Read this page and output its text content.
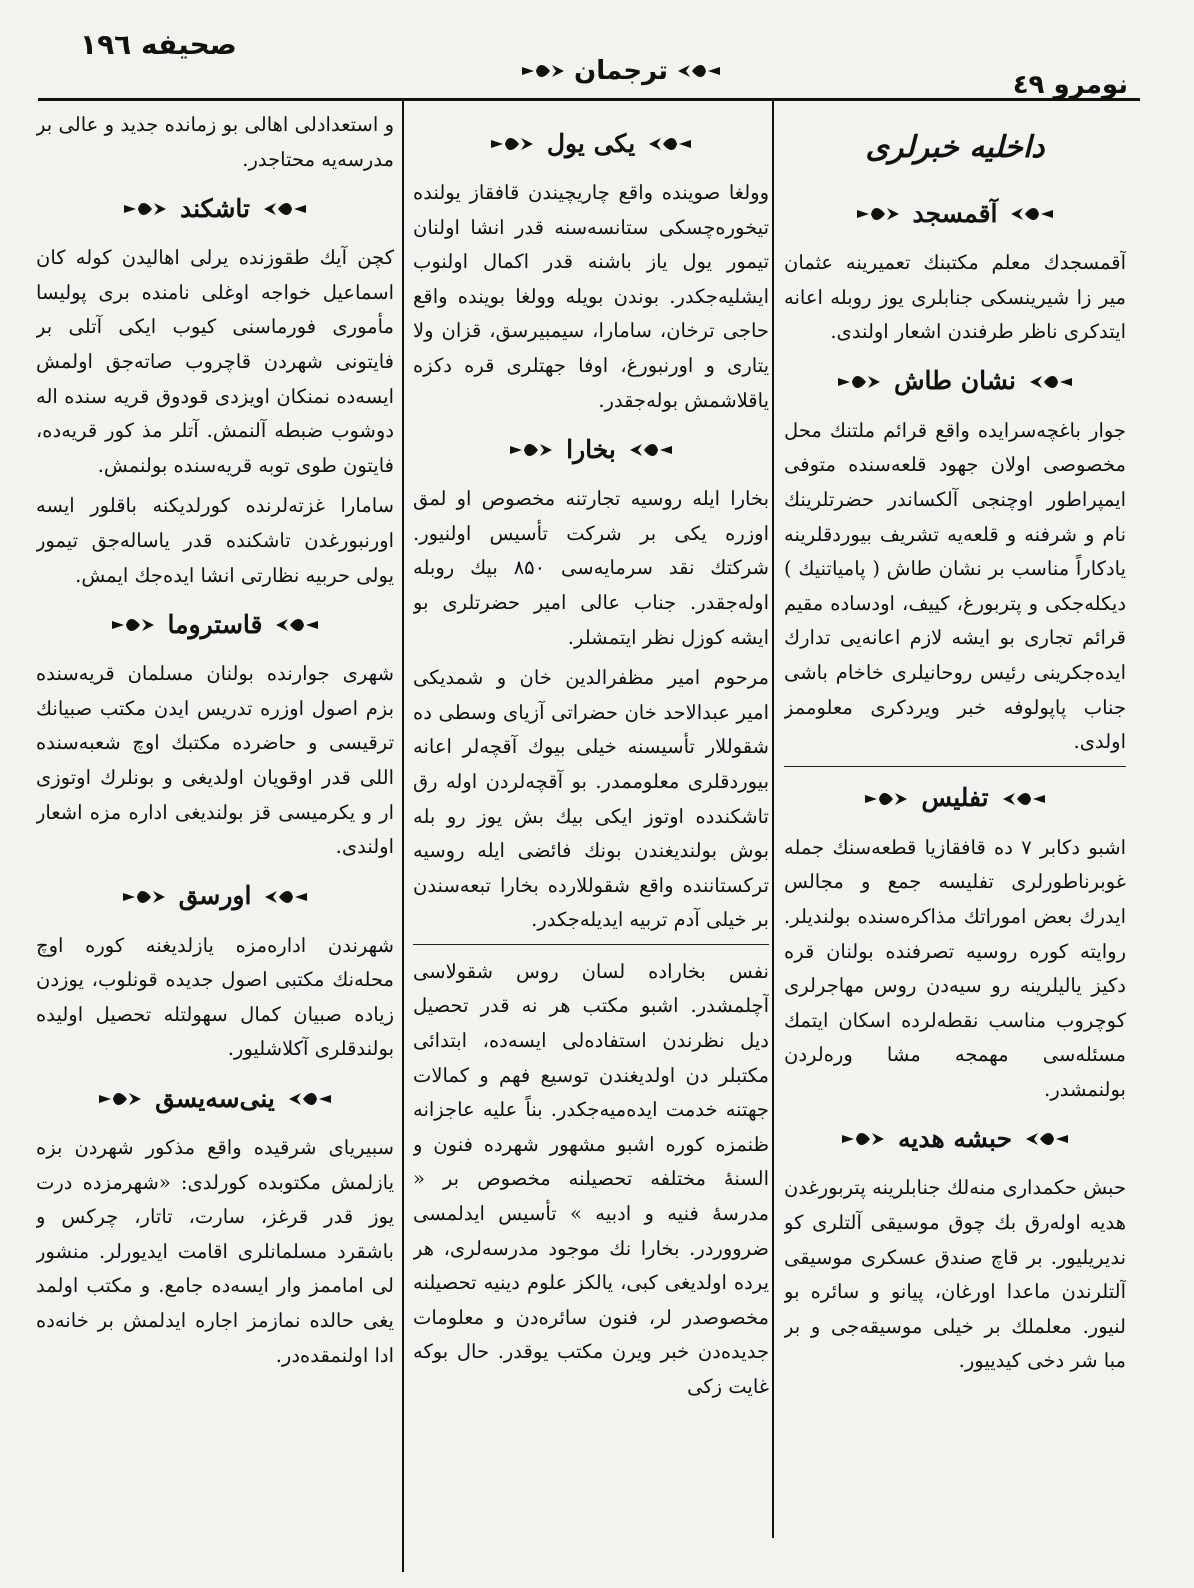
صحیفه ۱۹٦
ترجمان	نومرو ٤۹
داخلیه خبرلری
آقمسجد

آقمسجدك معلم مكتبنك تعمیرینه عثمان میر زا شیرینسكی جنابلری یوز روبله اعانه ایتدكری ناظر طرفندن اشعار اولندی.

نشان طاش

جوار باغچه‌سرایده واقع قرائم ملتنك محل مخصوصی اولان جهود قلعه‌سنده متوفی ایمپراطور اوچنجی آلكساندر حضرتلرینك نام و شرفنه و قلعه‌یه تشریف بیوردقلرینه یادكاراً مناسب بر نشان طاش ( پامیاتنیك ) دیكله‌جكی و پتربورغ، كییف، اودساده مقیم قرائم تجاری بو ایشه لازم اعانه‌یی تدارك ایده‌جكرینی رئیس روحانیلری خاخام باشی جناب پاپولوفه خبر ویردكری معلوممز اولدی.

تفلیس

اشبو دكابر ۷ ده قافقازیا قطعه‌سنك جمله غوبرناطورلری تفلیسه جمع و مجالس ایدرك بعض اموراتك مذاكره‌سنده بولندیلر. روایته كوره روسیه تصرفنده بولنان قره دكیز یالیلرینه رو سیه‌دن روس مهاجرلری كوچروب مناسب نقطه‌لرده اسكان ایتمك مسئله‌سی مهمجه مشا وره‌لردن بولنمشدر.

حبشه هدیه

حبش حكمداری منه‌لك جنابلرینه پتربورغدن هدیه اوله‌رق بك چوق موسیقی آلتلری كو ندیریلیور. بر قاچ صندق عسكری موسیقی آلتلرندن ماعدا اورغان، پیانو و سائره بو لنیور. معلملك بر خیلی موسیقه‌جی و بر مبا شر دخی كیدییور.

یكی یول

وولغا صوینده واقع چاریچیندن قافقاز یولنده تیخوره‌چسكی ستانسه‌سنه قدر انشا اولنان تیمور یول یاز باشنه قدر اكمال اولنوب ایشلیه‌جكدر. بوندن بویله وولغا بوینده واقع حاجی ترخان، سامارا، سیمبیرسق، قزان ولا یتاری و اورنبورغ، اوفا جهتلری قره دكزه یاقلاشمش بوله‌جقدر.

بخارا

بخارا ایله روسیه تجارتنه مخصوص او لمق اوزره یكی بر شركت تأسیس اولنیور. شركتك نقد سرمایه‌سی ۸۵۰ بیك روبله اوله‌جقدر. جناب عالی امیر حضرتلری بو ایشه كوزل نظر ایتمشلر.

مرحوم امیر مظفرالدین خان و شمدیكی امیر عبدالاحد خان حضراتی آزیای وسطی ده شقوللار تأسیسنه خیلی بیوك آقچه‌لر اعانه بیوردقلری معلوممدر. بو آقچه‌لردن اوله رق تاشكندده اوتوز ایكی بیك بش یوز رو بله بوش بولندیغندن بونك فائضی ایله روسیه تركستاننده واقع شقوللارده بخارا تبعه‌سندن بر خیلی آدم تربیه ایدیله‌جكدر.

نفس بخاراده لسان روس شقولاسی آچلمشدر. اشبو مكتب هر نه قدر تحصیل دیل نظرندن استفاده‌لی ایسه‌ده، ابتدائی مكتبلر دن اولدیغندن توسیع فهم و كمالات جهتنه خدمت ایده‌میه‌جكدر. بناً علیه عاجزانه ظنمزه كوره اشبو مشهور شهرده فنون و السنهٔ مختلفه تحصیلنه مخصوص بر « مدرسهٔ فنیه و ادبیه » تأسیس ایدلمسی ضرووردر. بخارا نك موجود مدرسه‌لری، هر یرده اولدیغی كبی، یالكز علوم دینیه تحصیلنه مخصوصدر لر، فنون سائره‌دن و معلومات جدیده‌دن خبر ویرن مكتب یوقدر. حال بوكه غایت زكی

و استعدادلی اهالی بو زمانده جدید و عالی بر مدرسه‌یه محتاجدر.

تاشكند

كچن آیك طقوزنده یرلی اهالیدن كوله كان اسماعیل خواجه اوغلی نامنده بری پولیسا مأموری فورماسنی كیوب ایكی آتلی بر فایتونی شهردن قاچروب صاته‌جق اولمش ایسه‌ده نمنكان اویزدی قودوق قریه سنده اله دوشوب ضبطه آلنمش. آتلر مذ كور قریه‌ده، فایتون طوی توبه قریه‌سنده بولنمش.

سامارا غزته‌لرنده كورلدیكنه باقلور ایسه اورنبورغدن تاشكنده قدر یاساله‌جق تیمور یولی حربیه نظارتی انشا ایده‌جك ایمش.

قاستروما

شهری جوارنده بولنان مسلمان قریه‌سنده بزم اصول اوزره تدریس ایدن مكتب صبیانك ترقیسی و حاضرده مكتبك اوچ شعبه‌سنده اللی قدر اوقویان اولدیغی و بونلرك اوتوزی ار و یكرمیسی قز بولندیغی اداره مزه اشعار اولندی.

اورسق

شهرندن اداره‌مزه یازلدیغنه كوره اوچ محله‌نك مكتبی اصول جدیده قونلوب، یوزدن زیاده صبیان كمال سهولتله تحصیل اولیده بولندقلری آكلاشلیور.

ینی‌سه‌یسق

سبیریای شرقیده واقع مذكور شهردن بزه یازلمش مكتوبده كورلدی: «شهرمزده درت یوز قدر قرغز، سارت، تاتار، چركس و باشقرد مسلمانلری اقامت ایدیورلر. منشور لی اماممز وار ایسه‌ده جامع. و مكتب اولمد یغی حالده نمازمز اجاره ایدلمش بر خانه‌ده ادا اولنمقده‌در.
